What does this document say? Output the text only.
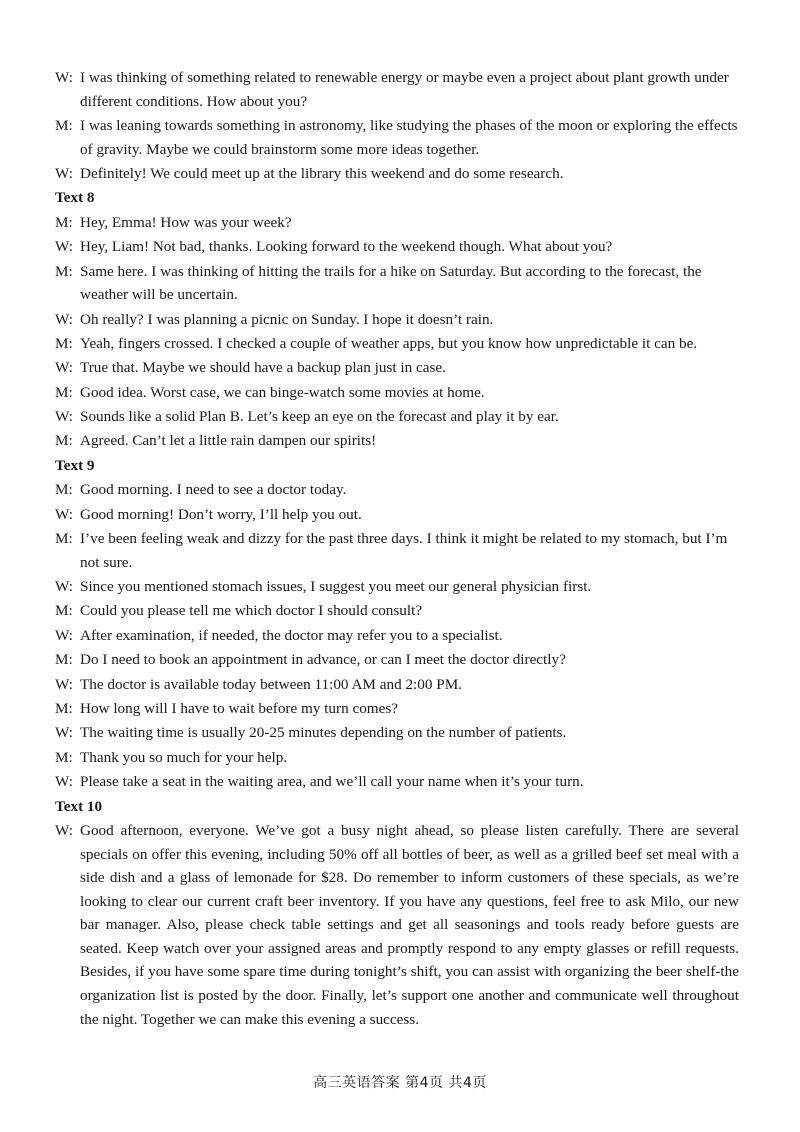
W: I was thinking of something related to renewable energy or maybe even a project about plant growth under different conditions. How about you?
M: I was leaning towards something in astronomy, like studying the phases of the moon or exploring the effects of gravity. Maybe we could brainstorm some more ideas together.
W: Definitely! We could meet up at the library this weekend and do some research.
Text 8
M: Hey, Emma! How was your week?
W: Hey, Liam! Not bad, thanks. Looking forward to the weekend though. What about you?
M: Same here. I was thinking of hitting the trails for a hike on Saturday. But according to the forecast, the weather will be uncertain.
W: Oh really? I was planning a picnic on Sunday. I hope it doesn’t rain.
M: Yeah, fingers crossed. I checked a couple of weather apps, but you know how unpredictable it can be.
W: True that. Maybe we should have a backup plan just in case.
M: Good idea. Worst case, we can binge-watch some movies at home.
W: Sounds like a solid Plan B. Let’s keep an eye on the forecast and play it by ear.
M: Agreed. Can’t let a little rain dampen our spirits!
Text 9
M: Good morning. I need to see a doctor today.
W: Good morning! Don’t worry, I’ll help you out.
M: I’ve been feeling weak and dizzy for the past three days. I think it might be related to my stomach, but I’m not sure.
W: Since you mentioned stomach issues, I suggest you meet our general physician first.
M: Could you please tell me which doctor I should consult?
W: After examination, if needed, the doctor may refer you to a specialist.
M: Do I need to book an appointment in advance, or can I meet the doctor directly?
W: The doctor is available today between 11:00 AM and 2:00 PM.
M: How long will I have to wait before my turn comes?
W: The waiting time is usually 20-25 minutes depending on the number of patients.
M: Thank you so much for your help.
W: Please take a seat in the waiting area, and we’ll call your name when it’s your turn.
Text 10
W: Good afternoon, everyone. We’ve got a busy night ahead, so please listen carefully. There are several specials on offer this evening, including 50% off all bottles of beer, as well as a grilled beef set meal with a side dish and a glass of lemonade for $28. Do remember to inform customers of these specials, as we’re looking to clear our current craft beer inventory. If you have any questions, feel free to ask Milo, our new bar manager. Also, please check table settings and get all seasonings and tools ready before guests are seated. Keep watch over your assigned areas and promptly respond to any empty glasses or refill requests. Besides, if you have some spare time during tonight’s shift, you can assist with organizing the beer shelf-the organization list is posted by the door. Finally, let’s support one another and communicate well throughout the night. Together we can make this evening a success.
高三英语答案 第4页 共4页
